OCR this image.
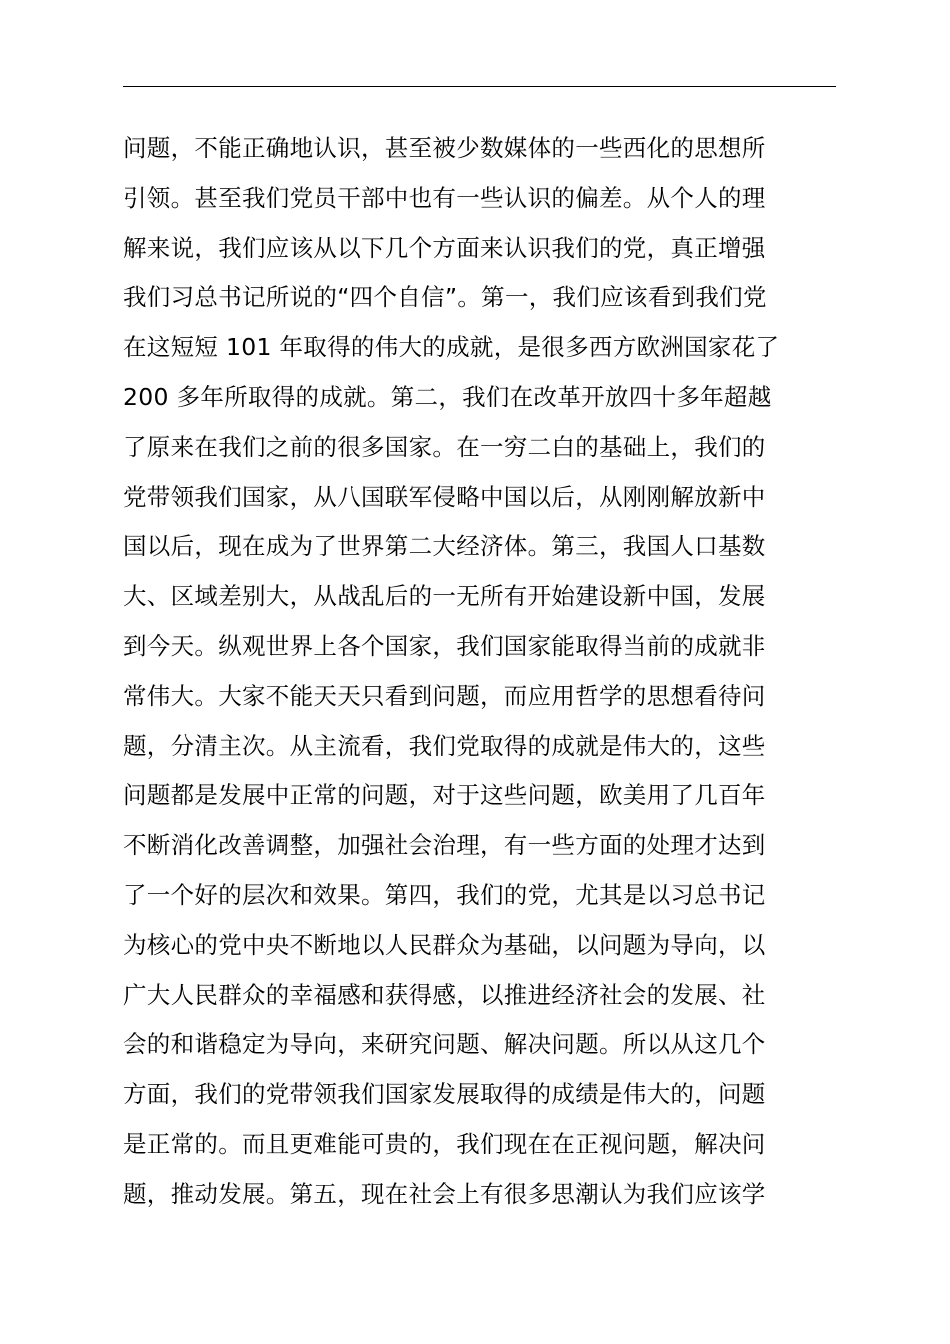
问题，不能正确地认识，甚至被少数媒体的一些西化的思想所
引领。甚至我们党员干部中也有一些认识的偏差。从个人的理
解来说，我们应该从以下几个方面来认识我们的党，真正增强
我们习总书记所说的“四个自信”。第一，我们应该看到我们党
在这短短 101 年取得的伟大的成就，是很多西方欧洲国家花了
200 多年所取得的成就。第二，我们在改革开放四十多年超越
了原来在我们之前的很多国家。在一穷二白的基础上，我们的
党带领我们国家，从八国联军侵略中国以后，从刚刚解放新中
国以后，现在成为了世界第二大经济体。第三，我国人口基数
大、区域差别大，从战乱后的一无所有开始建设新中国，发展
到今天。纵观世界上各个国家，我们国家能取得当前的成就非
常伟大。大家不能天天只看到问题，而应用哲学的思想看待问
题，分清主次。从主流看，我们党取得的成就是伟大的，这些
问题都是发展中正常的问题，对于这些问题，欧美用了几百年
不断消化改善调整，加强社会治理，有一些方面的处理才达到
了一个好的层次和效果。第四，我们的党，尤其是以习总书记
为核心的党中央不断地以人民群众为基础，以问题为导向，以
广大人民群众的幸福感和获得感，以推进经济社会的发展、社
会的和谐稳定为导向，来研究问题、解决问题。所以从这几个
方面，我们的党带领我们国家发展取得的成绩是伟大的，问题
是正常的。而且更难能可贵的，我们现在在正视问题，解决问
题，推动发展。第五，现在社会上有很多思潮认为我们应该学
